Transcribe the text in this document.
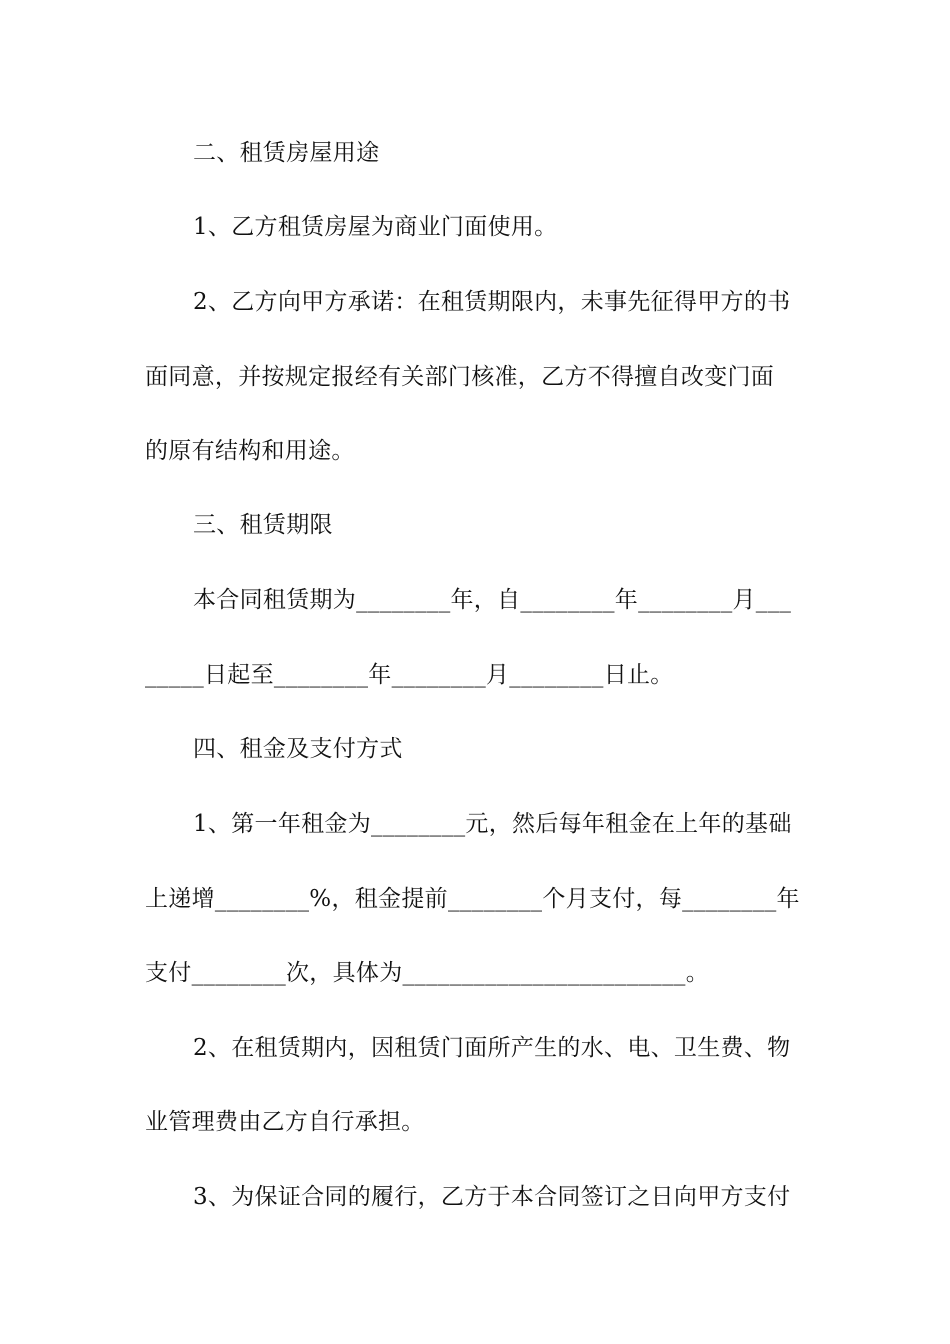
二、租赁房屋用途
1、乙方租赁房屋为商业门面使用。
2、乙方向甲方承诺：在租赁期限内，未事先征得甲方的书
面同意，并按规定报经有关部门核准，乙方不得擅自改变门面
的原有结构和用途。
三、租赁期限
本合同租赁期为________年，自________年________月___
_____日起至________年________月________日止。
四、租金及支付方式
1、第一年租金为________元，然后每年租金在上年的基础
上递增________%，租金提前________个月支付，每________年
支付________次，具体为________________________。
2、在租赁期内，因租赁门面所产生的水、电、卫生费、物
业管理费由乙方自行承担。
3、为保证合同的履行，乙方于本合同签订之日向甲方支付
